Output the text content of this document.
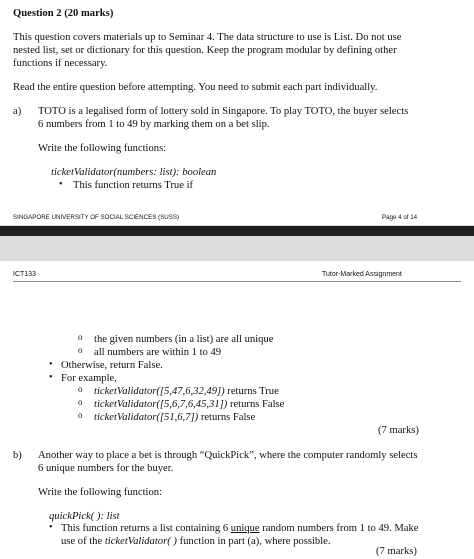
Question 2 (20 marks)
This question covers materials up to Seminar 4. The data structure to use is List. Do not use
nested list, set or dictionary for this question. Keep the program modular by defining other
functions if necessary.
Read the entire question before attempting. You need to submit each part individually.
a) TOTO is a legalised form of lottery sold in Singapore. To play TOTO, the buyer selects
6 numbers from 1 to 49 by marking them on a bet slip.
Write the following functions:
ticketValidator(numbers: list): boolean
• This function returns True if
SINGAPORE UNIVERSITY OF SOCIAL SCIENCES (SUSS)	Page 4 of 14
ICT133	Tutor-Marked Assignment
o the given numbers (in a list) are all unique
o all numbers are within 1 to 49
• Otherwise, return False.
• For example,
o ticketValidator([5,47,6,32,49]) returns True
o ticketValidator([5,6,7,6,45,31]) returns False
o ticketValidator([51,6,7]) returns False
(7 marks)
b) Another way to place a bet is through “QuickPick”, where the computer randomly selects
6 unique numbers for the buyer.
Write the following function:
quickPick( ): list
• This function returns a list containing 6 unique random numbers from 1 to 49. Make
use of the ticketValidator( ) function in part (a), where possible.
(7 marks)
